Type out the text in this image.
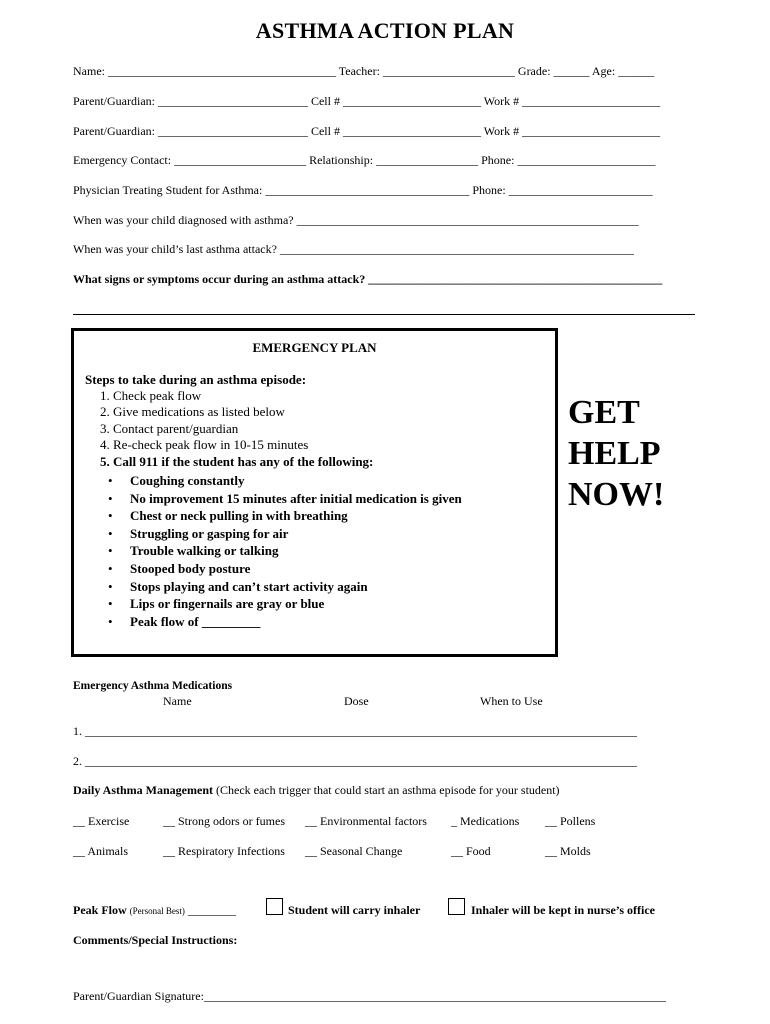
ASTHMA ACTION PLAN
Name: ______________________________________ Teacher: ______________________ Grade: ______ Age: ______
Parent/Guardian: _________________________ Cell # _______________________ Work # _______________________
Parent/Guardian: _________________________ Cell # _______________________ Work # _______________________
Emergency Contact: ______________________ Relationship: _________________ Phone: _______________________
Physician Treating Student for Asthma: __________________________________ Phone: ________________________
When was your child diagnosed with asthma? _________________________________________________________
When was your child’s last asthma attack? ___________________________________________________________
What signs or symptoms occur during an asthma attack? _________________________________________________
EMERGENCY PLAN
Steps to take during an asthma episode:
1. Check peak flow
2. Give medications as listed below
3. Contact parent/guardian
4. Re-check peak flow in 10-15 minutes
5. Call 911 if the student has any of the following:
• Coughing constantly
• No improvement 15 minutes after initial medication is given
• Chest or neck pulling in with breathing
• Struggling or gasping for air
• Trouble walking or talking
• Stooped body posture
• Stops playing and can’t start activity again
• Lips or fingernails are gray or blue
• Peak flow of _________
GET
HELP
NOW!
Emergency Asthma Medications
Name	Dose	When to Use
1. ____________________________________________________________________________________________
2. ____________________________________________________________________________________________
Daily Asthma Management (Check each trigger that could start an asthma episode for your student)
__ Exercise	__ Strong odors or fumes __ Environmental factors _ Medications __ Pollens
__ Animals	__ Respiratory Infections __ Seasonal Change	__ Food	__ Molds
Peak Flow (Personal Best) ________	Student will carry inhaler	Inhaler will be kept in nurse’s office
Comments/Special Instructions:
Parent/Guardian Signature:_____________________________________________________________________________
